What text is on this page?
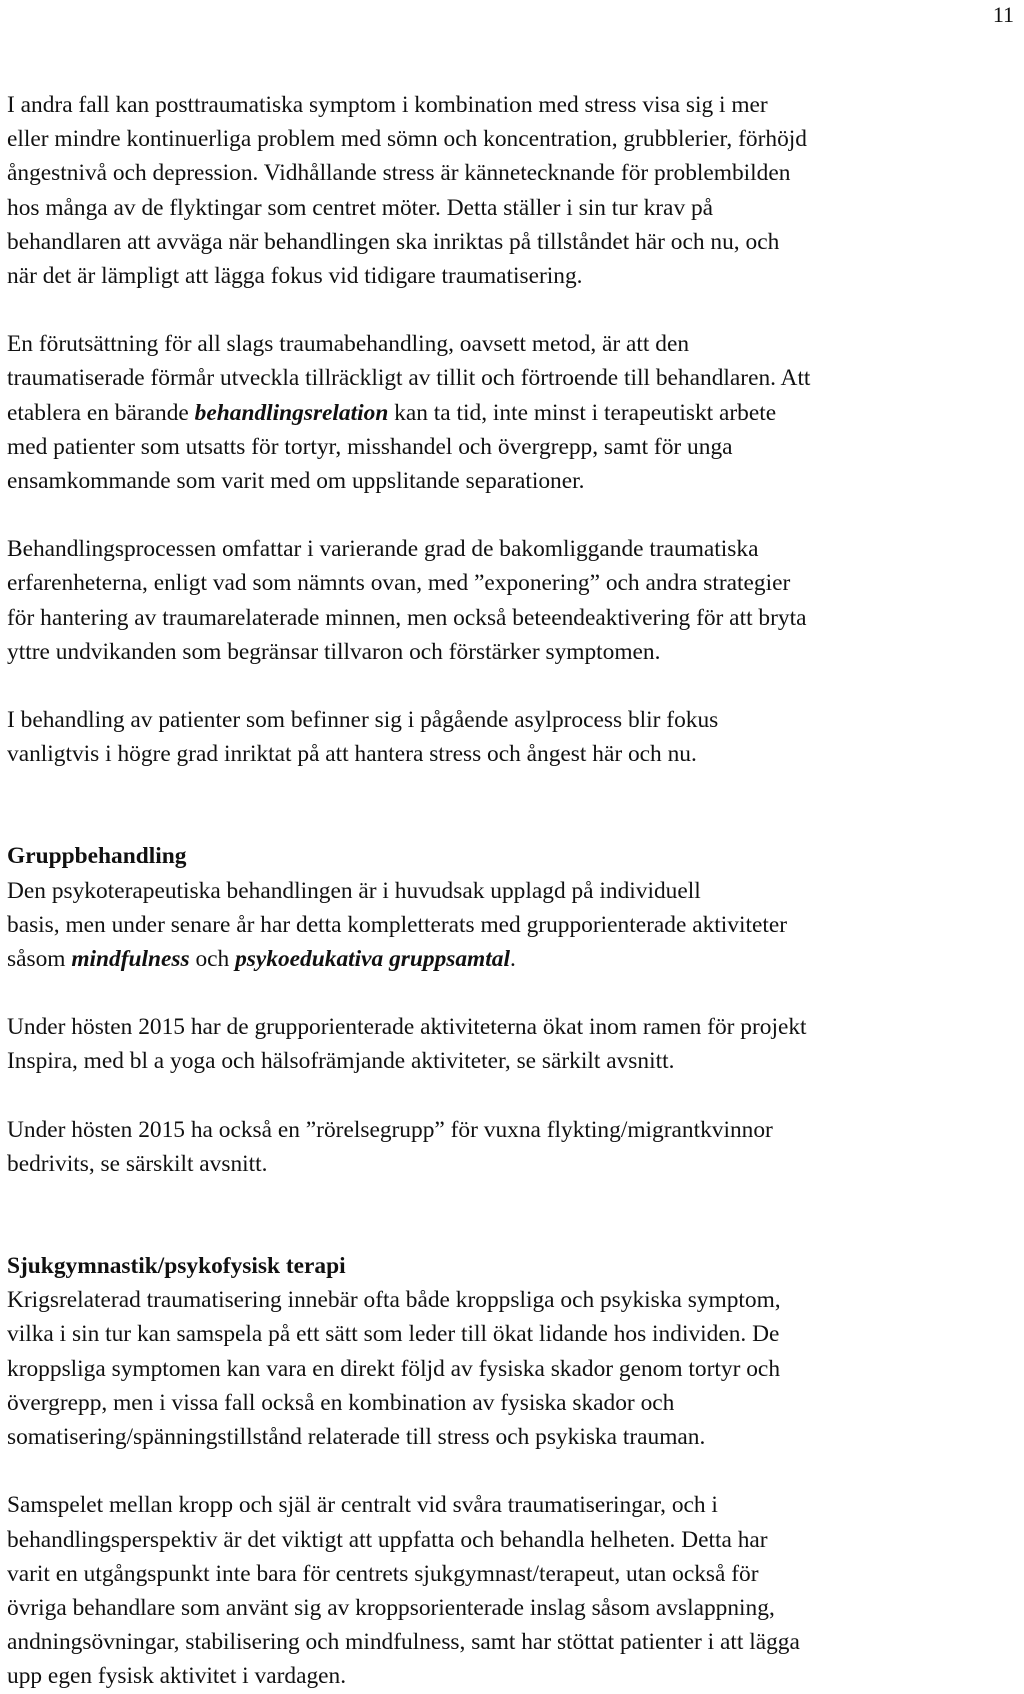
11

I andra fall kan posttraumatiska symptom i kombination med stress visa sig i mer
eller mindre kontinuerliga problem med sömn och koncentration, grubblerier, förhöjd
ångestnivå och depression. Vidhållande stress är kännetecknande för problembilden
hos många av de flyktingar som centret möter. Detta ställer i sin tur krav på
behandlaren att avväga när behandlingen ska inriktas på tillståndet här och nu, och
när det är lämpligt att lägga fokus vid tidigare traumatisering.

En förutsättning för all slags traumabehandling, oavsett metod, är att den
traumatiserade förmår utveckla tillräckligt av tillit och förtroende till behandlaren. Att
etablera en bärande behandlingsrelation kan ta tid, inte minst i terapeutiskt arbete
med patienter som utsatts för tortyr, misshandel och övergrepp, samt för unga
ensamkommande som varit med om uppslitande separationer.

Behandlingsprocessen omfattar i varierande grad de bakomliggande traumatiska
erfarenheterna, enligt vad som nämnts ovan, med ”exponering” och andra strategier
för hantering av traumarelaterade minnen, men också beteendeaktivering för att bryta
yttre undvikanden som begränsar tillvaron och förstärker symptomen.

I behandling av patienter som befinner sig i pågående asylprocess blir fokus
vanligtvis i högre grad inriktat på att hantera stress och ångest här och nu.

Gruppbehandling

Den psykoterapeutiska behandlingen är i huvudsak upplagd på individuell
basis, men under senare år har detta kompletterats med grupporienterade aktiviteter
såsom mindfulness och psykoedukativa gruppsamtal.

Under hösten 2015 har de grupporienterade aktiviteterna ökat inom ramen för projekt
Inspira, med bl a yoga och hälsofrämjande aktiviteter, se särkilt avsnitt.

Under hösten 2015 ha också en ”rörelsegrupp” för vuxna flykting/migrantkvinnor
bedrivits, se särskilt avsnitt.

Sjukgymnastik/psykofysisk terapi

Krigsrelaterad traumatisering innebär ofta både kroppsliga och psykiska symptom,
vilka i sin tur kan samspela på ett sätt som leder till ökat lidande hos individen. De
kroppsliga symptomen kan vara en direkt följd av fysiska skador genom tortyr och
övergrepp, men i vissa fall också en kombination av fysiska skador och
somatisering/spänningstillstånd relaterade till stress och psykiska trauman.

Samspelet mellan kropp och själ är centralt vid svåra traumatiseringar, och i
behandlingsperspektiv är det viktigt att uppfatta och behandla helheten. Detta har
varit en utgångspunkt inte bara för centrets sjukgymnast/terapeut, utan också för
övriga behandlare som använt sig av kroppsorienterade inslag såsom avslappning,
andningsövningar, stabilisering och mindfulness, samt har stöttat patienter i att lägga
upp egen fysisk aktivitet i vardagen.
